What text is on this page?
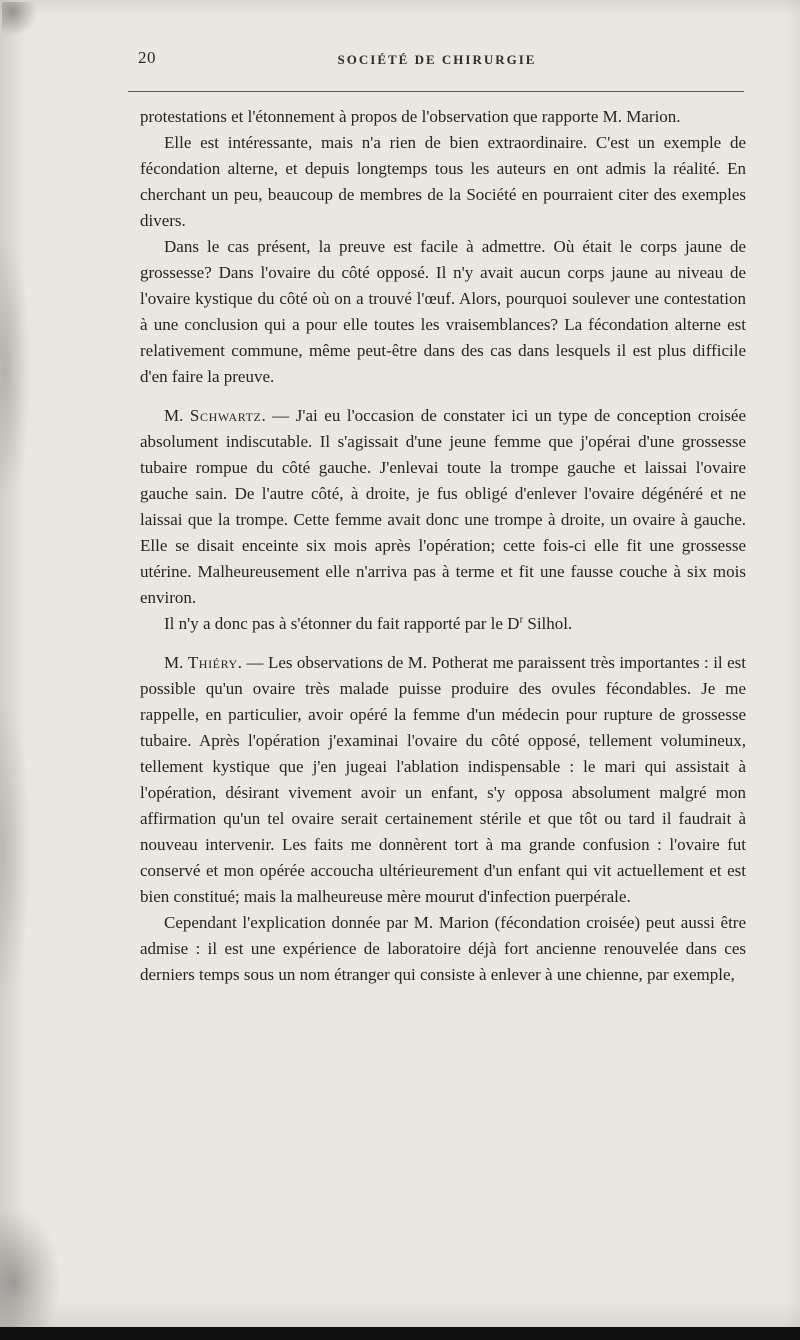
20	SOCIÉTÉ DE CHIRURGIE

protestations et l'étonnement à propos de l'observation que rapporte M. Marion.

Elle est intéressante, mais n'a rien de bien extraordinaire. C'est un exemple de fécondation alterne, et depuis longtemps tous les auteurs en ont admis la réalité. En cherchant un peu, beaucoup de membres de la Société en pourraient citer des exemples divers.

Dans le cas présent, la preuve est facile à admettre. Où était le corps jaune de grossesse? Dans l'ovaire du côté opposé. Il n'y avait aucun corps jaune au niveau de l'ovaire kystique du côté où on a trouvé l'œuf. Alors, pourquoi soulever une contestation à une conclusion qui a pour elle toutes les vraisemblances? La fécondation alterne est relativement commune, même peut-être dans des cas dans lesquels il est plus difficile d'en faire la preuve.

M. Schwartz. — J'ai eu l'occasion de constater ici un type de conception croisée absolument indiscutable. Il s'agissait d'une jeune femme que j'opérai d'une grossesse tubaire rompue du côté gauche. J'enlevai toute la trompe gauche et laissai l'ovaire gauche sain. De l'autre côté, à droite, je fus obligé d'enlever l'ovaire dégénéré et ne laissai que la trompe. Cette femme avait donc une trompe à droite, un ovaire à gauche. Elle se disait enceinte six mois après l'opération; cette fois-ci elle fit une grossesse utérine. Malheureusement elle n'arriva pas à terme et fit une fausse couche à six mois environ.

Il n'y a donc pas à s'étonner du fait rapporté par le $D^r$ Silhol.

M. Thiéry. — Les observations de M. Potherat me paraissent très importantes : il est possible qu'un ovaire très malade puisse produire des ovules fécondables. Je me rappelle, en particulier, avoir opéré la femme d'un médecin pour rupture de grossesse tubaire. Après l'opération j'examinai l'ovaire du côté opposé, tellement volumineux, tellement kystique que j'en jugeai l'ablation indispensable : le mari qui assistait à l'opération, désirant vivement avoir un enfant, s'y opposa absolument malgré mon affirmation qu'un tel ovaire serait certainement stérile et que tôt ou tard il faudrait à nouveau intervenir. Les faits me donnèrent tort à ma grande confusion : l'ovaire fut conservé et mon opérée accoucha ultérieurement d'un enfant qui vit actuellement et est bien constitué; mais la malheureuse mère mourut d'infection puerpérale.

Cependant l'explication donnée par M. Marion (fécondation croisée) peut aussi être admise : il est une expérience de laboratoire déjà fort ancienne renouvelée dans ces derniers temps sous un nom étranger qui consiste à enlever à une chienne, par exemple,
